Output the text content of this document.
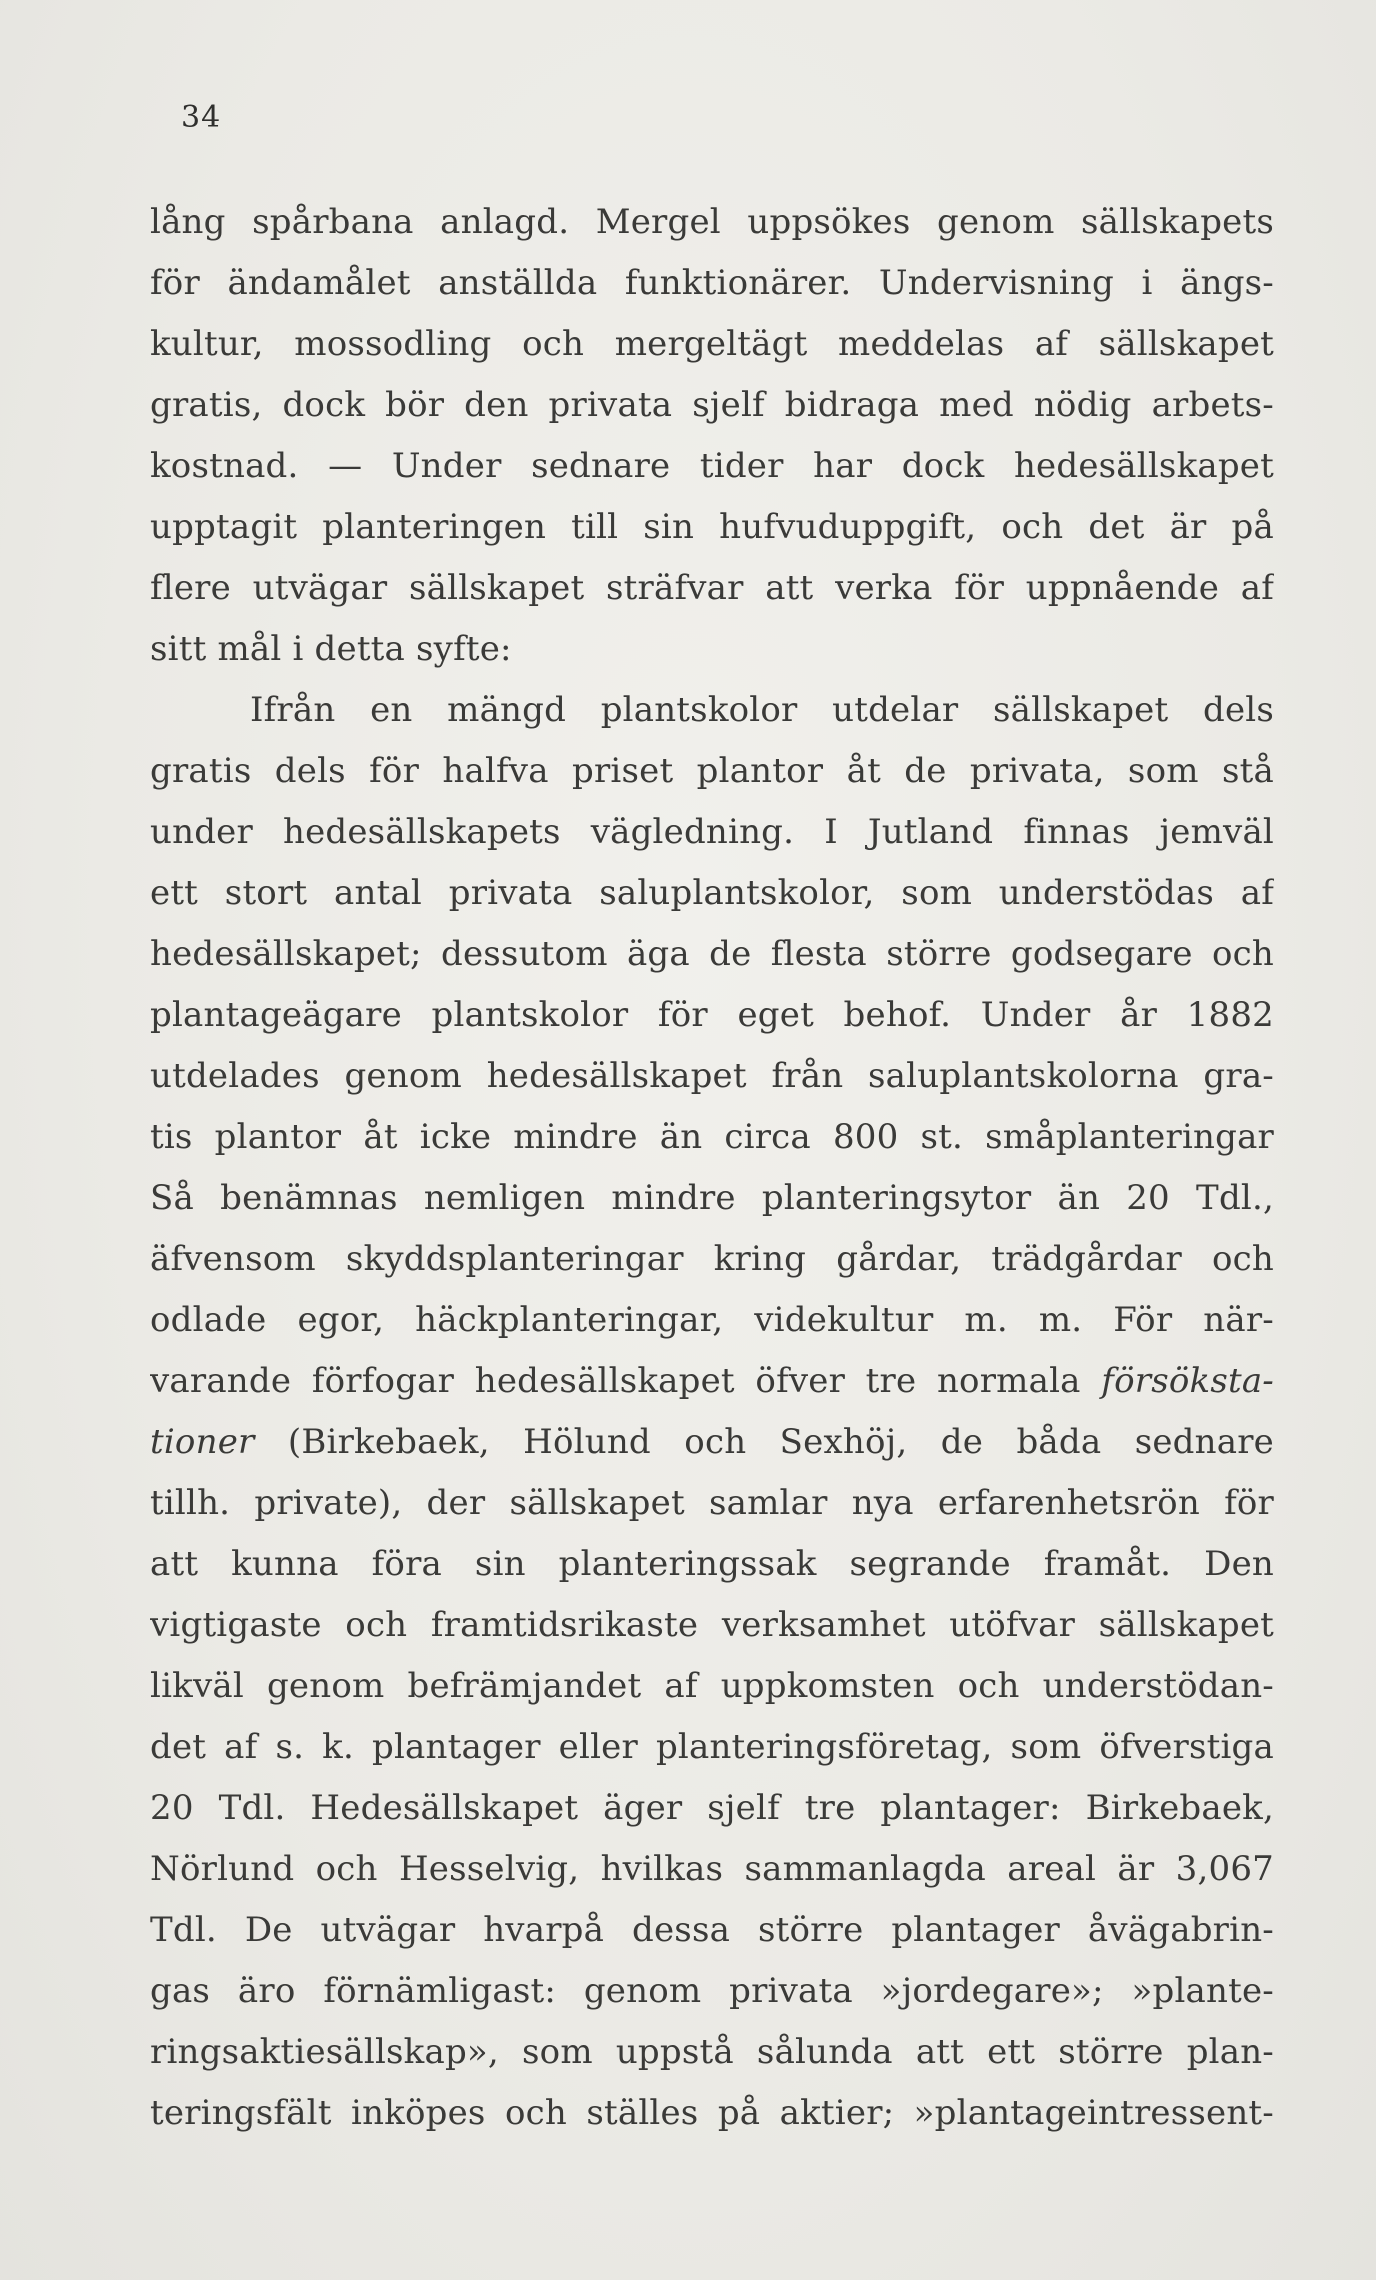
34
lång spårbana anlagd. Mergel uppsökes genom sällskapets
för ändamålet anställda funktionärer. Undervisning i ängs-
kultur, mossodling och mergeltägt meddelas af sällskapet
gratis, dock bör den privata sjelf bidraga med nödig arbets-
kostnad. — Under sednare tider har dock hedesällskapet
upptagit planteringen till sin hufvuduppgift, och det är på
flere utvägar sällskapet sträfvar att verka för uppnående af
sitt mål i detta syfte:
Ifrån en mängd plantskolor utdelar sällskapet dels
gratis dels för halfva priset plantor åt de privata, som stå
under hedesällskapets vägledning. I Jutland finnas jemväl
ett stort antal privata saluplantskolor, som understödas af
hedesällskapet; dessutom äga de flesta större godsegare och
plantageägare plantskolor för eget behof. Under år 1882
utdelades genom hedesällskapet från saluplantskolorna gra-
tis plantor åt icke mindre än circa 800 st. småplanteringar
Så benämnas nemligen mindre planteringsytor än 20 Tdl.,
äfvensom skyddsplanteringar kring gårdar, trädgårdar och
odlade egor, häckplanteringar, videkultur m. m. För när-
varande förfogar hedesällskapet öfver tre normala försöksta-
tioner (Birkebaek, Hölund och Sexhöj, de båda sednare
tillh. private), der sällskapet samlar nya erfarenhetsrön för
att kunna föra sin planteringssak segrande framåt. Den
vigtigaste och framtidsrikaste verksamhet utöfvar sällskapet
likväl genom befrämjandet af uppkomsten och understödan-
det af s. k. plantager eller planteringsföretag, som öfverstiga
20 Tdl. Hedesällskapet äger sjelf tre plantager: Birkebaek,
Nörlund och Hesselvig, hvilkas sammanlagda areal är 3,067
Tdl. De utvägar hvarpå dessa större plantager åvägabrin-
gas äro förnämligast: genom privata »jordegare»; »plante-
ringsaktiesällskap», som uppstå sålunda att ett större plan-
teringsfält inköpes och ställes på aktier; »plantageintressent-
